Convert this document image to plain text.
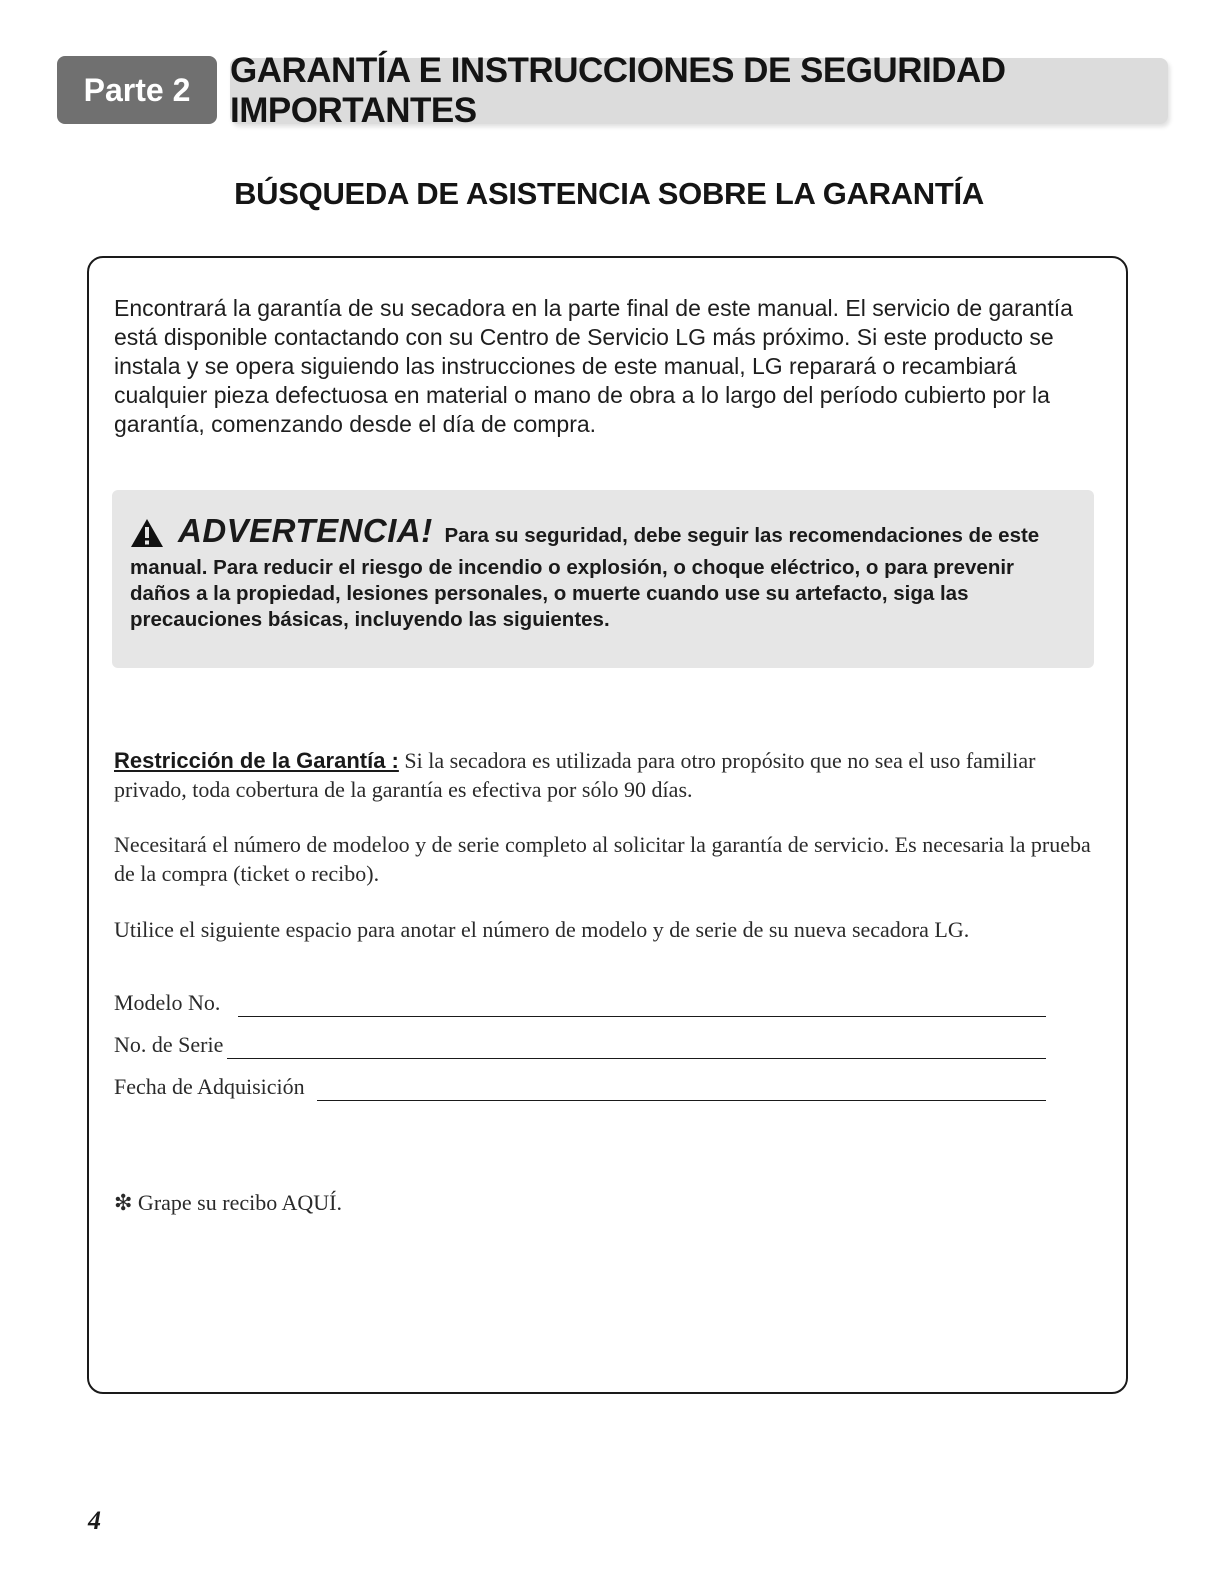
Parte 2	GARANTÍA E INSTRUCCIONES DE SEGURIDAD IMPORTANTES
BÚSQUEDA DE ASISTENCIA SOBRE LA GARANTÍA

Encontrará la garantía de su secadora en la parte final de este manual. El servicio de garantía está disponible contactando con su Centro de Servicio LG más próximo. Si este producto se instala y se opera siguiendo las instrucciones de este manual, LG reparará o recambiará cualquier pieza defectuosa en material o mano de obra a lo largo del período cubierto por la garantía, comenzando desde el día de compra.

ADVERTENCIA! Para su seguridad, debe seguir las recomendaciones de este manual. Para reducir el riesgo de incendio o explosión, o choque eléctrico, o para prevenir daños a la propiedad, lesiones personales, o muerte cuando use su artefacto, siga las precauciones básicas, incluyendo las siguientes.

Restricción de la Garantía : Si la secadora es utilizada para otro propósito que no sea el uso familiar privado, toda cobertura de la garantía es efectiva por sólo 90 días.

Necesitará el número de modeloo y de serie completo al solicitar la garantía de servicio. Es necesaria la prueba de la compra (ticket o recibo).

Utilice el siguiente espacio para anotar el número de modelo y de serie de su nueva secadora LG.

Modelo No.
No. de Serie
Fecha de Adquisición

❇ Grape su recibo AQUÍ.

4
